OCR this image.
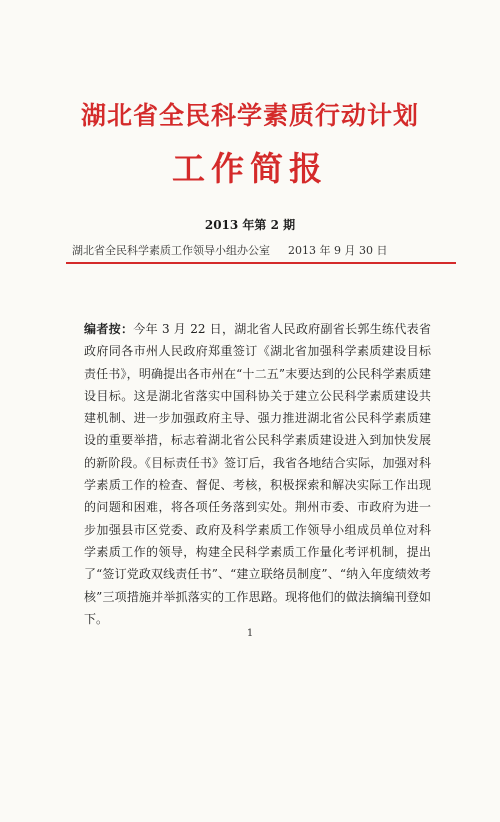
湖北省全民科学素质行动计划
工作简报
2013 年第 2 期
湖北省全民科学素质工作领导小组办公室 2013 年 9 月 30 日
编者按：今年 3 月 22 日，湖北省人民政府副省长郭生练代表省政府同各市州人民政府郑重签订《湖北省加强科学素质建设目标责任书》，明确提出各市州在“十二五”末要达到的公民科学素质建设目标。这是湖北省落实中国科协关于建立公民科学素质建设共建机制、进一步加强政府主导、强力推进湖北省公民科学素质建设的重要举措，标志着湖北省公民科学素质建设进入到加快发展的新阶段。《目标责任书》签订后，我省各地结合实际，加强对科学素质工作的检查、督促、考核，积极探索和解决实际工作出现的问题和困难，将各项任务落到实处。荆州市委、市政府为进一步加强县市区党委、政府及科学素质工作领导小组成员单位对科学素质工作的领导，构建全民科学素质工作量化考评机制，提出了“签订党政双线责任书”、“建立联络员制度”、“纳入年度绩效考核”三项措施并举抓落实的工作思路。现将他们的做法摘编刊登如下。
1
